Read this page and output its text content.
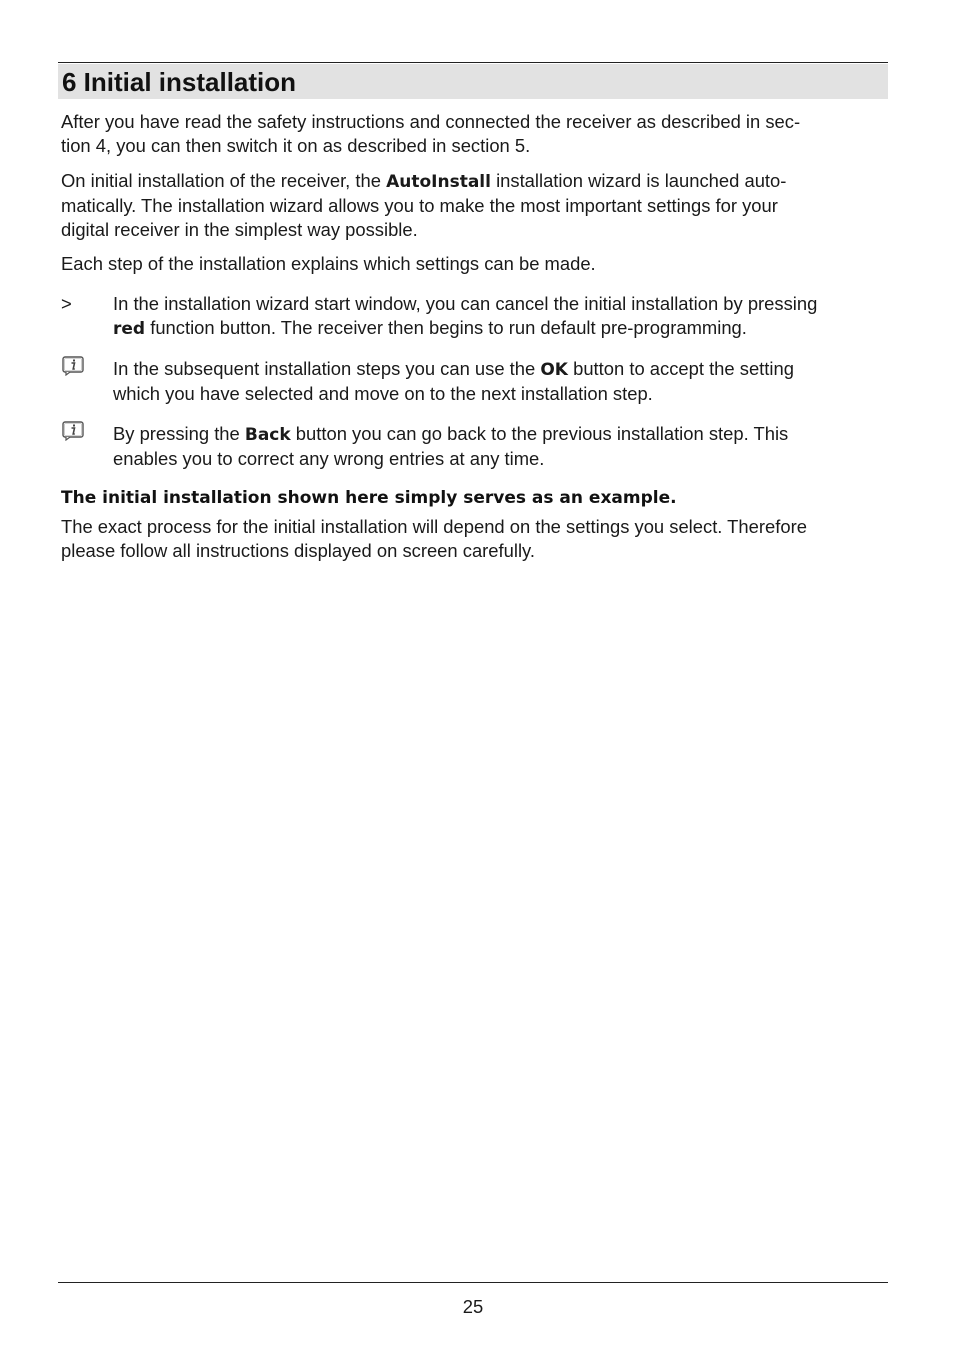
6 Initial installation

After you have read the safety instructions and connected the receiver as described in sec-
tion 4, you can then switch it on as described in section 5.

On initial installation of the receiver, the AutoInstall installation wizard is launched auto-
matically. The installation wizard allows you to make the most important settings for your
digital receiver in the simplest way possible.

Each step of the installation explains which settings can be made.

> In the installation wizard start window, you can cancel the initial installation by pressing
red function button. The receiver then begins to run default pre-programming.

In the subsequent installation steps you can use the OK button to accept the setting
which you have selected and move on to the next installation step.

By pressing the Back button you can go back to the previous installation step. This
enables you to correct any wrong entries at any time.

The initial installation shown here simply serves as an example.

The exact process for the initial installation will depend on the settings you select. Therefore
please follow all instructions displayed on screen carefully.

25
